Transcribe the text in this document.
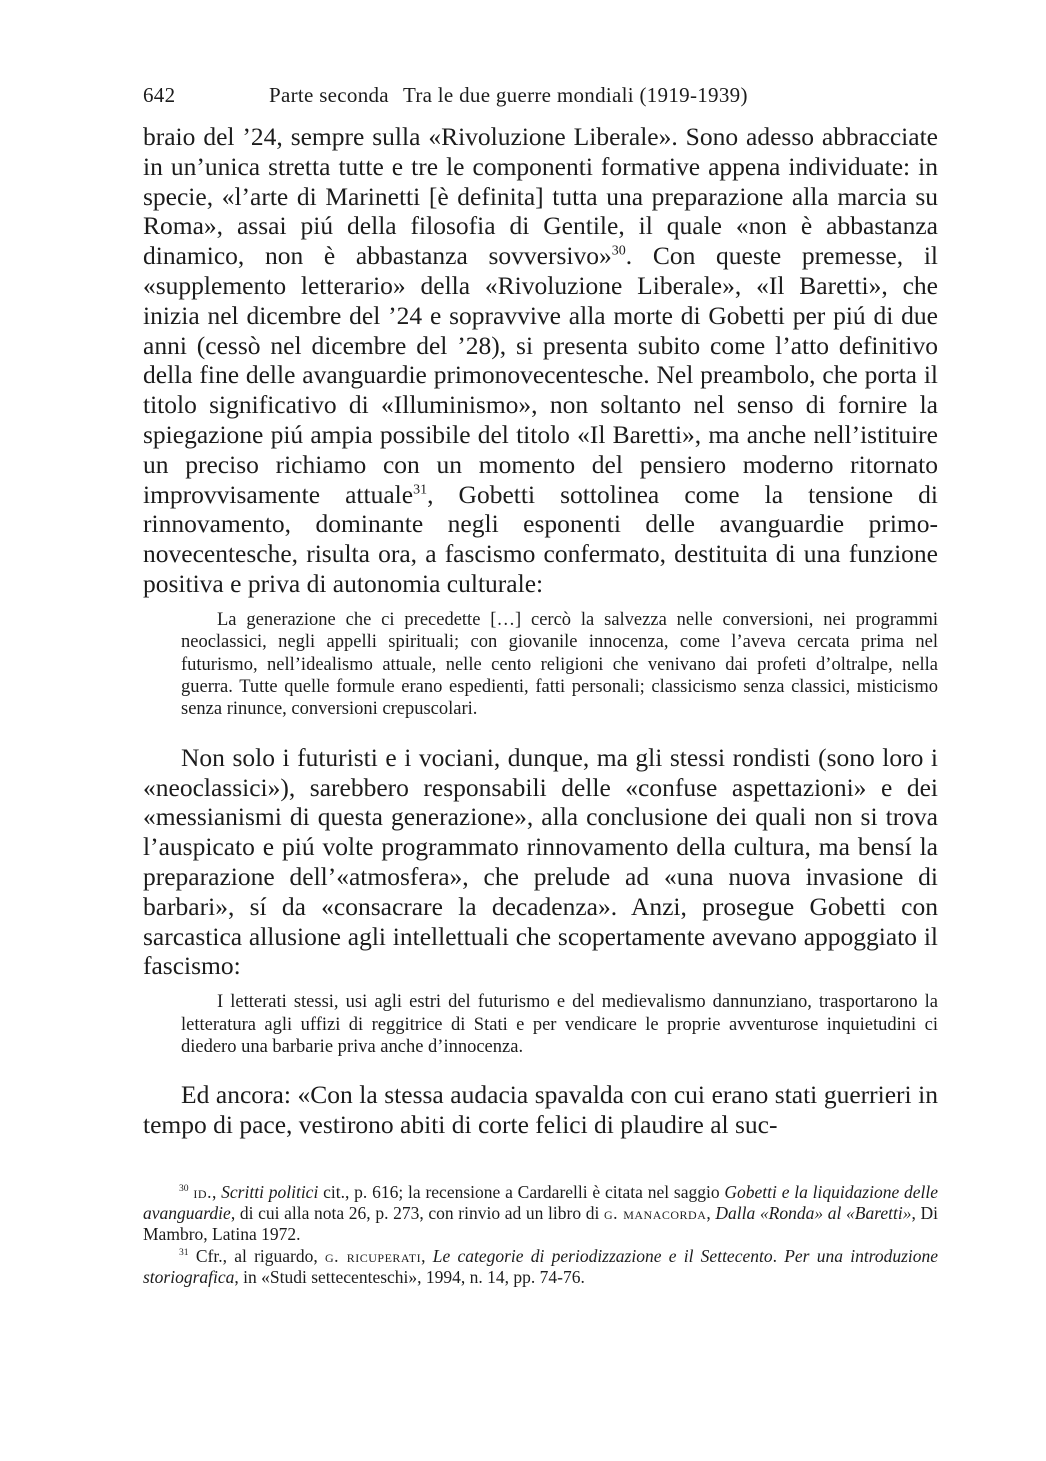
642	Parte seconda Tra le due guerre mondiali (1919-1939)

braio del ’24, sempre sulla «Rivoluzione Liberale». Sono adesso abbracciate in un’unica stretta tutte e tre le componenti formative appena individuate: in specie, «l’arte di Marinetti [è definita] tutta una preparazione alla marcia su Roma», assai piú della filosofia di Gentile, il quale «non è abbastanza dinamico, non è abbastanza sovversivo»$^{30}$. Con queste premesse, il «supplemento letterario» della «Rivoluzione Liberale», «Il Baretti», che inizia nel dicembre del ’24 e sopravvive alla morte di Gobetti per piú di due anni (cessò nel dicembre del ’28), si presenta subito come l’atto definitivo della fine delle avanguardie primonovecentesche. Nel preambolo, che porta il titolo significativo di «Illuminismo», non soltanto nel senso di fornire la spiegazione piú ampia possibile del titolo «Il Baretti», ma anche nell’istituire un preciso richiamo con un momento del pensiero moderno ritornato improvvisamente attuale$^{31}$, Gobetti sottolinea come la tensione di rinnovamento, dominante negli esponenti delle avanguardie primo-novecentesche, risulta ora, a fascismo confermato, destituita di una funzione positiva e priva di autonomia culturale:

La generazione che ci precedette […] cercò la salvezza nelle conversioni, nei programmi neoclassici, negli appelli spirituali; con giovanile innocenza, come l’aveva cercata prima nel futurismo, nell’idealismo attuale, nelle cento religioni che venivano dai profeti d’oltralpe, nella guerra. Tutte quelle formule erano espedienti, fatti personali; classicismo senza classici, misticismo senza rinunce, conversioni crepuscolari.

Non solo i futuristi e i vociani, dunque, ma gli stessi rondisti (sono loro i «neoclassici»), sarebbero responsabili delle «confuse aspettazioni» e dei «messianismi di questa generazione», alla conclusione dei quali non si trova l’auspicato e piú volte programmato rinnovamento della cultura, ma bensí la preparazione dell’«atmosfera», che prelude ad «una nuova invasione di barbari», sí da «consacrare la decadenza». Anzi, prosegue Gobetti con sarcastica allusione agli intellettuali che scopertamente avevano appoggiato il fascismo:

I letterati stessi, usi agli estri del futurismo e del medievalismo dannunziano, trasportarono la letteratura agli uffizi di reggitrice di Stati e per vendicare le proprie avventurose inquietudini ci diedero una barbarie priva anche d’innocenza.

Ed ancora: «Con la stessa audacia spavalda con cui erano stati guerrieri in tempo di pace, vestirono abiti di corte felici di plaudire al suc-

$^{30}$ id., Scritti politici cit., p. 616; la recensione a Cardarelli è citata nel saggio Gobetti e la liquidazione delle avanguardie, di cui alla nota 26, p. 273, con rinvio ad un libro di g. manacorda, Dalla «Ronda» al «Baretti», Di Mambro, Latina 1972.

$^{31}$ Cfr., al riguardo, g. ricuperati, Le categorie di periodizzazione e il Settecento. Per una introduzione storiografica, in «Studi settecenteschi», 1994, n. 14, pp. 74-76.
